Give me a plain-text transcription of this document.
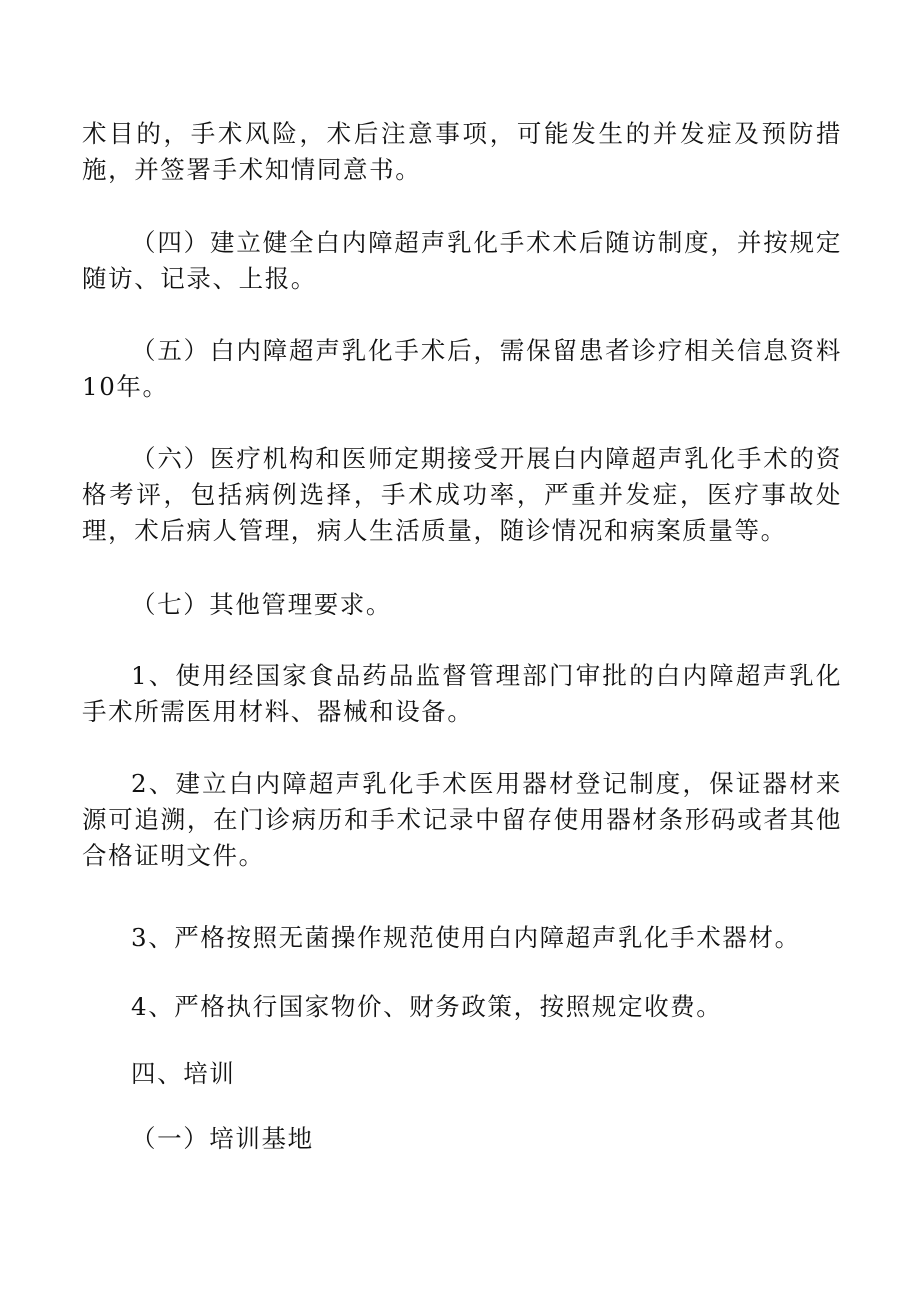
术目的，手术风险，术后注意事项，可能发生的并发症及预防措施，并签署手术知情同意书。

（四）建立健全白内障超声乳化手术术后随访制度，并按规定随访、记录、上报。

（五）白内障超声乳化手术后，需保留患者诊疗相关信息资料10年。

（六）医疗机构和医师定期接受开展白内障超声乳化手术的资格考评，包括病例选择，手术成功率，严重并发症，医疗事故处理，术后病人管理，病人生活质量，随诊情况和病案质量等。

（七）其他管理要求。

1、使用经国家食品药品监督管理部门审批的白内障超声乳化手术所需医用材料、器械和设备。

2、建立白内障超声乳化手术医用器材登记制度，保证器材来源可追溯，在门诊病历和手术记录中留存使用器材条形码或者其他合格证明文件。

3、严格按照无菌操作规范使用白内障超声乳化手术器材。

4、严格执行国家物价、财务政策，按照规定收费。

四、培训

（一）培训基地
